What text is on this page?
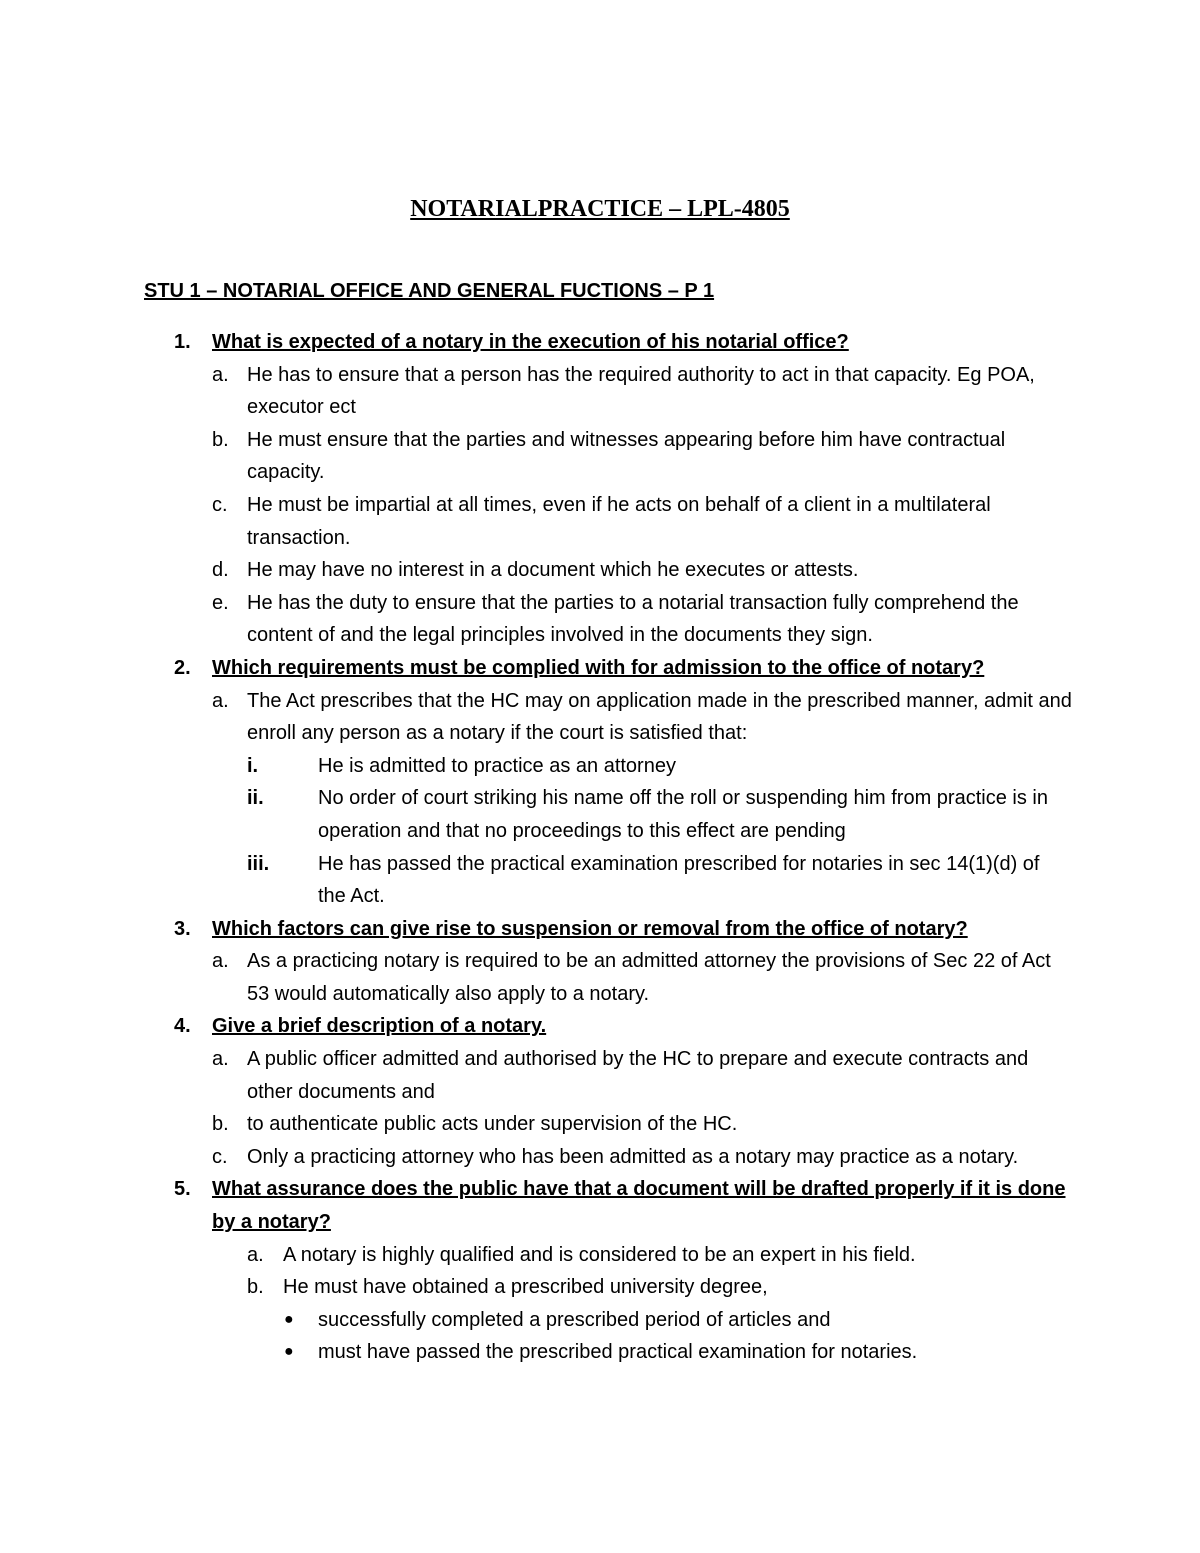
NOTARIALPRACTICE – LPL-4805
STU 1 – NOTARIAL OFFICE AND GENERAL FUCTIONS – P 1
1. What is expected of a notary in the execution of his notarial office?
a. He has to ensure that a person has the required authority to act in that capacity. Eg POA, executor ect
b. He must ensure that the parties and witnesses appearing before him have contractual capacity.
c. He must be impartial at all times, even if he acts on behalf of a client in a multilateral transaction.
d. He may have no interest in a document which he executes or attests.
e. He has the duty to ensure that the parties to a notarial transaction fully comprehend the content of and the legal principles involved in the documents they sign.
2. Which requirements must be complied with for admission to the office of notary?
a. The Act prescribes that the HC may on application made in the prescribed manner, admit and enroll any person as a notary if the court is satisfied that:
i.	He is admitted to practice as an attorney
ii.	No order of court striking his name off the roll or suspending him from practice is in operation and that no proceedings to this effect are pending
iii. He has passed the practical examination prescribed for notaries in sec 14(1)(d) of the Act.
3. Which factors can give rise to suspension or removal from the office of notary?
a. As a practicing notary is required to be an admitted attorney the provisions of Sec 22 of Act 53 would automatically also apply to a notary.
4. Give a brief description of a notary.
a. A public officer admitted and authorised by the HC to prepare and execute contracts and other documents and
b. to authenticate public acts under supervision of the HC.
c. Only a practicing attorney who has been admitted as a notary may practice as a notary.
5. What assurance does the public have that a document will be drafted properly if it is done by a notary?
a. A notary is highly qualified and is considered to be an expert in his field.
b. He must have obtained a prescribed university degree,
● successfully completed a prescribed period of articles and
● must have passed the prescribed practical examination for notaries.
